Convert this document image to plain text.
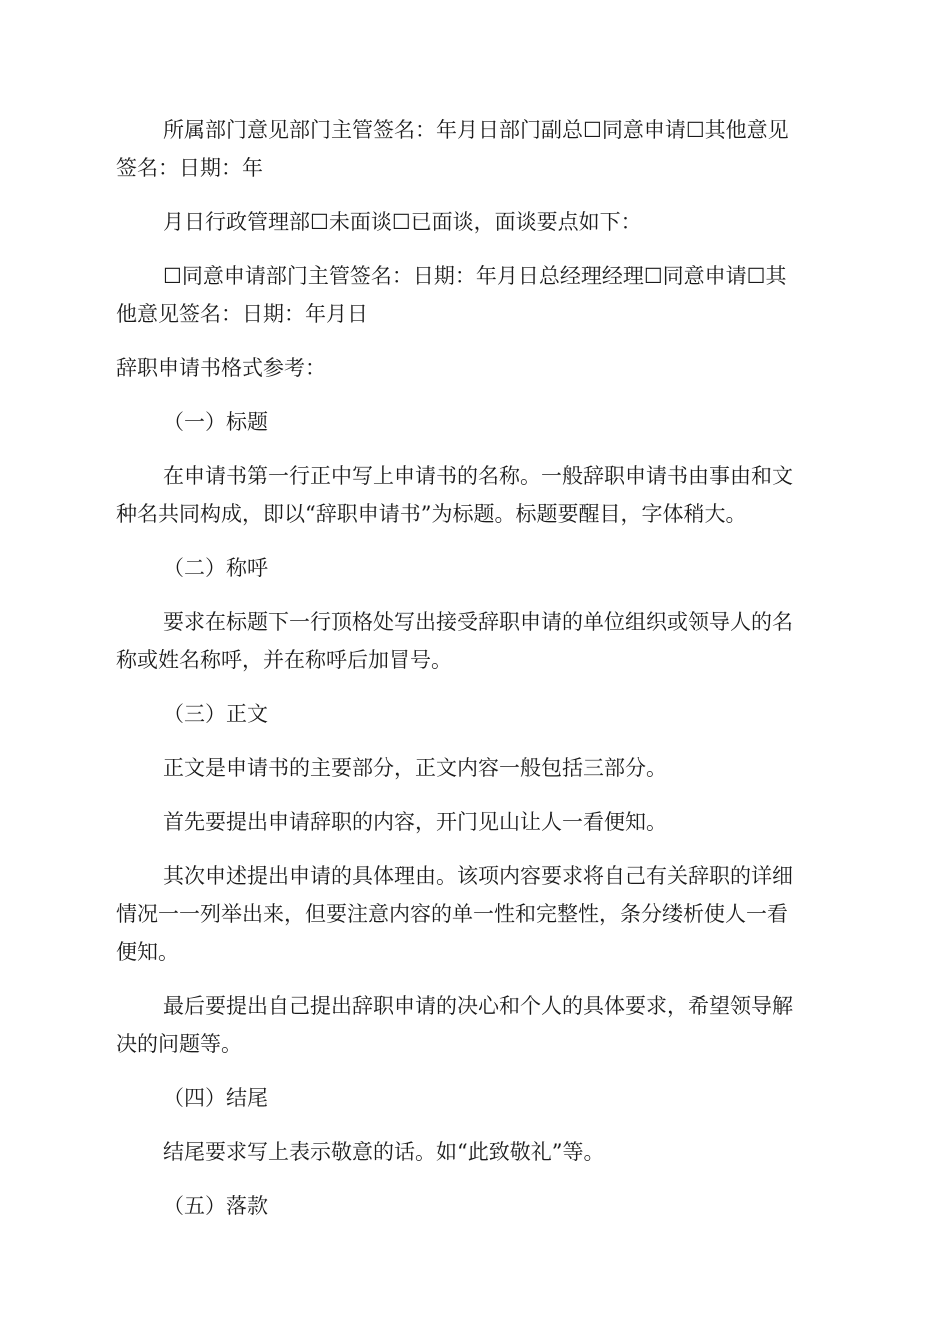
所属部门意见部门主管签名：年月日部门副总☐同意申请☐其他意见
签名：日期：年
月日行政管理部☐未面谈☐已面谈，面谈要点如下：
☐同意申请部门主管签名：日期：年月日总经理经理☐同意申请☐其
他意见签名：日期：年月日
辞职申请书格式参考：
（一）标题
在申请书第一行正中写上申请书的名称。一般辞职申请书由事由和文
种名共同构成，即以“辞职申请书”为标题。标题要醒目，字体稍大。
（二）称呼
要求在标题下一行顶格处写出接受辞职申请的单位组织或领导人的名
称或姓名称呼，并在称呼后加冒号。
（三）正文
正文是申请书的主要部分，正文内容一般包括三部分。
首先要提出申请辞职的内容，开门见山让人一看便知。
其次申述提出申请的具体理由。该项内容要求将自己有关辞职的详细
情况一一列举出来，但要注意内容的单一性和完整性，条分缕析使人一看
便知。
最后要提出自己提出辞职申请的决心和个人的具体要求，希望领导解
决的问题等。
（四）结尾
结尾要求写上表示敬意的话。如“此致敬礼”等。
（五）落款
